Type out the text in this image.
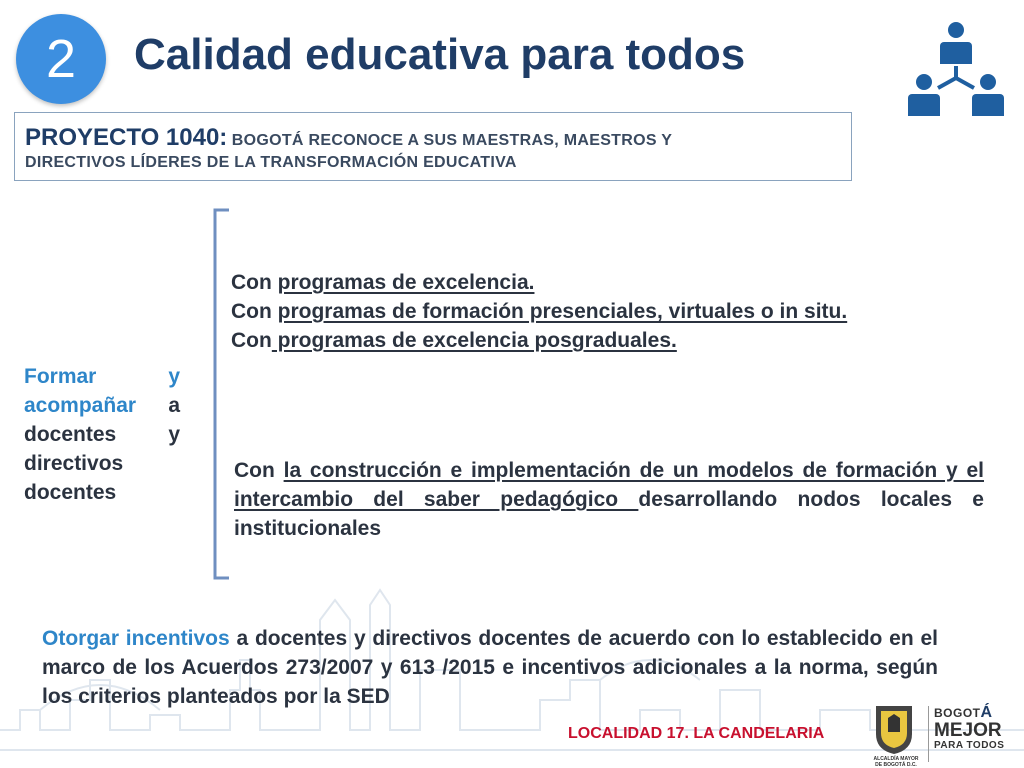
2	Calidad educativa para todos
PROYECTO 1040: BOGOTÁ RECONOCE A SUS MAESTRAS, MAESTROS Y
DIRECTIVOS LÍDERES DE LA TRANSFORMACIÓN EDUCATIVA
Formar	y
acompañar a
docentes y
directivos
docentes
Con programas de excelencia.
Con programas de formación presenciales, virtuales o in situ.
Con programas de excelencia posgraduales.
Con la construcción e implementación de un modelos de formación y el intercambio del saber pedagógico desarrollando nodos locales e institucionales
Otorgar incentivos a docentes y directivos docentes de acuerdo con lo establecido en el marco de los Acuerdos 273/2007 y 613 /2015 e incentivos adicionales a la norma, según los criterios planteados por la SED
LOCALIDAD 17. LA CANDELARIA
ALCALDÍA MAYOR
DE BOGOTÁ D.C.
BOGOTÁ
MEJOR
PARA TODOS
